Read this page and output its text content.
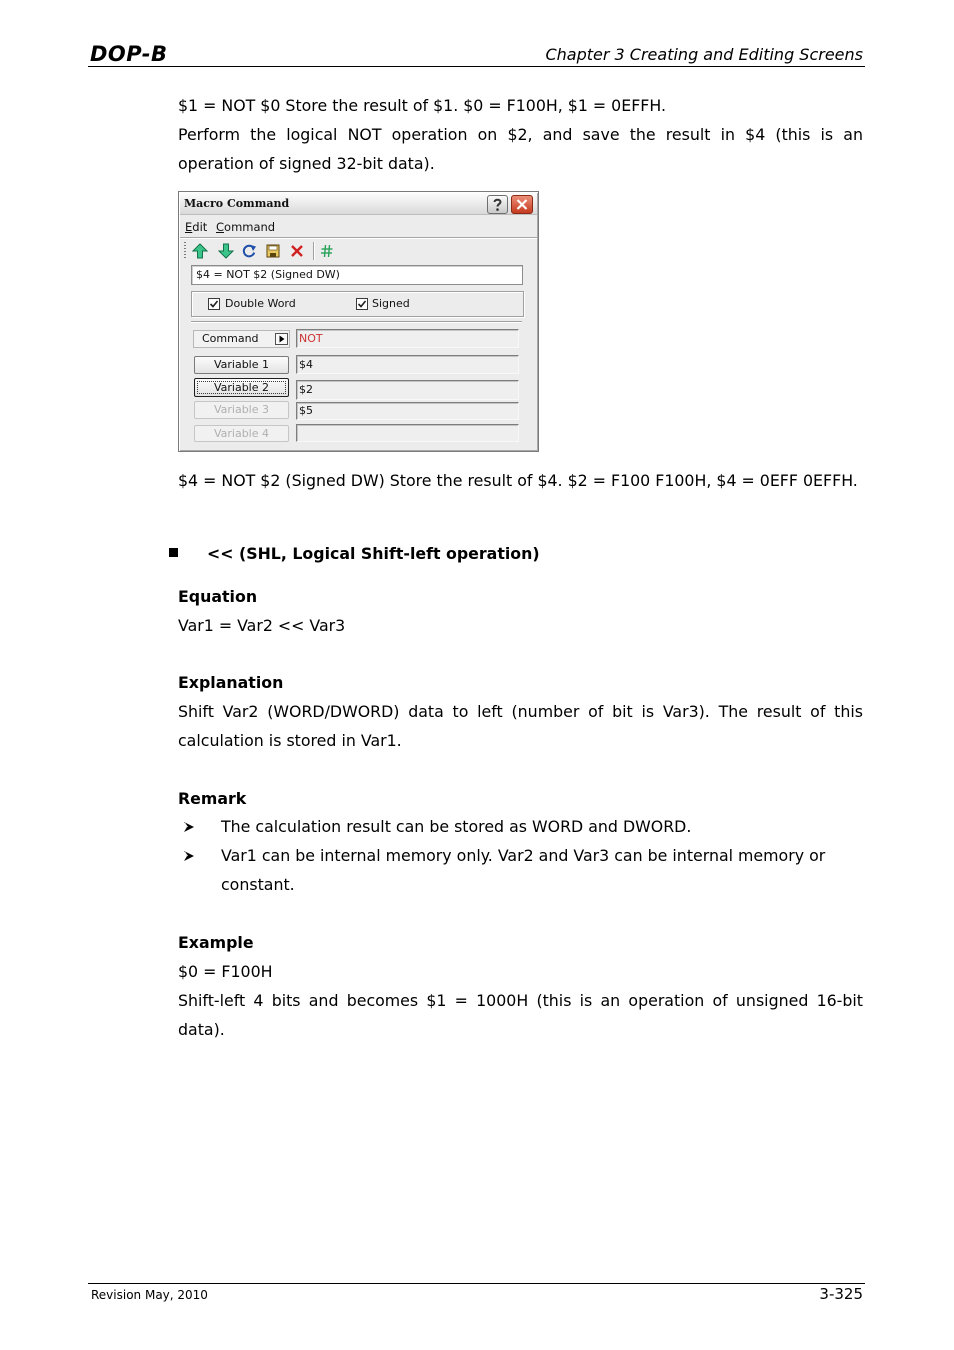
DOP-B	Chapter 3 Creating and Editing Screens
$1 = NOT $0 Store the result of $1. $0 = F100H, $1 = 0EFFH.
Perform the logical NOT operation on $2, and save the result in $4 (this is an operation of signed 32-bit data).
Macro Command
Edit Command
$4 = NOT $2 (Signed DW)
Double Word	Signed
Command	NOT
Variable 1	$4
Variable 2	$2
Variable 3	$5
Variable 4
$4 = NOT $2 (Signed DW) Store the result of $4. $2 = F100 F100H, $4 = 0EFF 0EFFH.
<< (SHL, Logical Shift-left operation)
Equation
Var1 = Var2 << Var3
Explanation
Shift Var2 (WORD/DWORD) data to left (number of bit is Var3). The result of this calculation is stored in Var1.
Remark
The calculation result can be stored as WORD and DWORD.
Var1 can be internal memory only. Var2 and Var3 can be internal memory or constant.
Example
$0 = F100H
Shift-left 4 bits and becomes $1 = 1000H (this is an operation of unsigned 16-bit data).
Revision May, 2010	3-325
